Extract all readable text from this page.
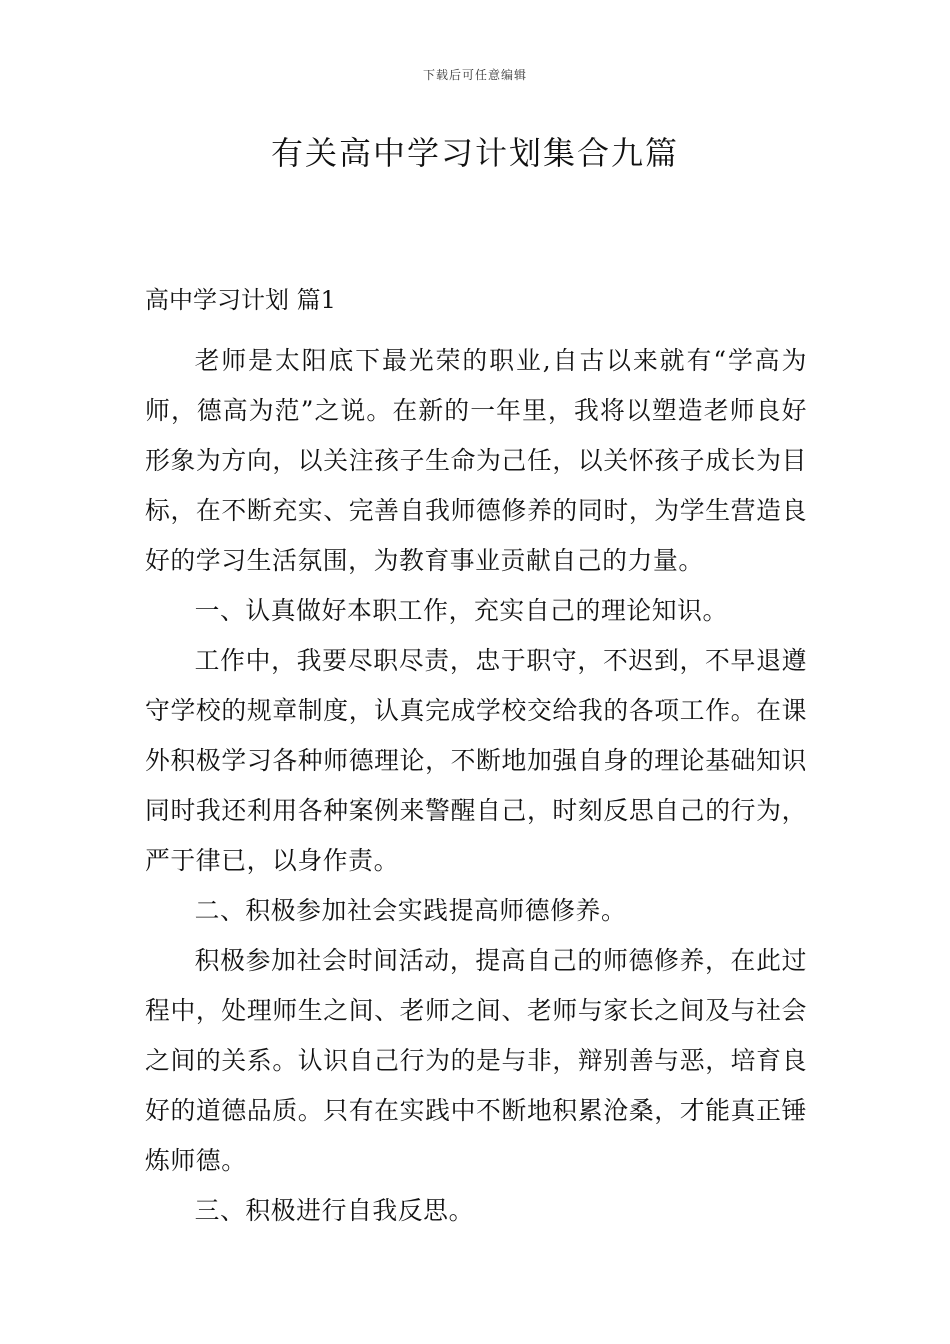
下载后可任意编辑
有关高中学习计划集合九篇

高中学习计划 篇1

老师是太阳底下最光荣的职业,自古以来就有“学高为师，德高为范”之说。在新的一年里，我将以塑造老师良好形象为方向，以关注孩子生命为己任，以关怀孩子成长为目标，在不断充实、完善自我师德修养的同时，为学生营造良好的学习生活氛围，为教育事业贡献自己的力量。

一、认真做好本职工作，充实自己的理论知识。

工作中，我要尽职尽责，忠于职守，不迟到，不早退遵守学校的规章制度，认真完成学校交给我的各项工作。在课外积极学习各种师德理论，不断地加强自身的理论基础知识同时我还利用各种案例来警醒自己，时刻反思自己的行为，严于律已，以身作责。

二、积极参加社会实践提高师德修养。

积极参加社会时间活动，提高自己的师德修养，在此过程中，处理师生之间、老师之间、老师与家长之间及与社会之间的关系。认识自己行为的是与非，辩别善与恶，培育良好的道德品质。只有在实践中不断地积累沧桑，才能真正锤炼师德。

三、积极进行自我反思。
